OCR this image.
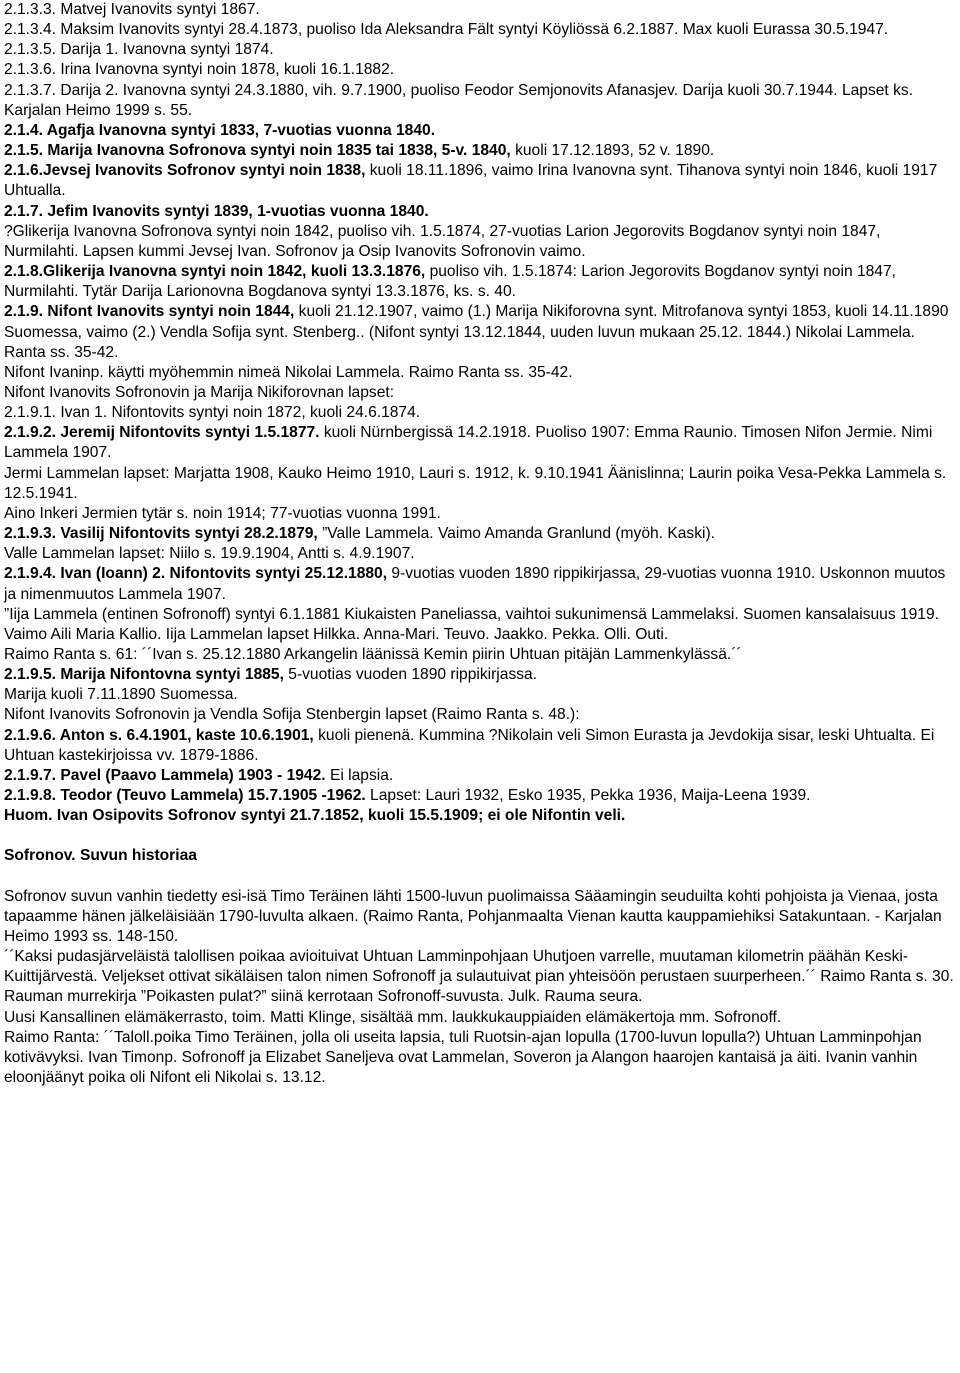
2.1.3.3. Matvej Ivanovits syntyi 1867.
2.1.3.4. Maksim Ivanovits syntyi 28.4.1873, puoliso Ida Aleksandra Fält syntyi Köyliössä 6.2.1887. Max kuoli Eurassa 30.5.1947.
2.1.3.5. Darija 1. Ivanovna syntyi 1874.
2.1.3.6. Irina Ivanovna syntyi noin 1878, kuoli 16.1.1882.
2.1.3.7. Darija 2. Ivanovna syntyi 24.3.1880, vih. 9.7.1900, puoliso Feodor Semjonovits Afanasjev. Darija kuoli 30.7.1944. Lapset ks. Karjalan Heimo 1999 s. 55.
2.1.4. Agafja Ivanovna syntyi 1833, 7-vuotias vuonna 1840.
2.1.5. Marija Ivanovna Sofronova syntyi noin 1835 tai 1838, 5-v. 1840, kuoli 17.12.1893, 52 v. 1890.
2.1.6.Jevsej Ivanovits Sofronov syntyi noin 1838, kuoli 18.11.1896, vaimo Irina Ivanovna synt. Tihanova syntyi noin 1846, kuoli 1917 Uhtualla.
2.1.7. Jefim Ivanovits syntyi 1839, 1-vuotias vuonna 1840.
?Glikerija Ivanovna Sofronova syntyi noin 1842, puoliso vih. 1.5.1874, 27-vuotias Larion Jegorovits Bogdanov syntyi noin 1847, Nurmilahti. Lapsen kummi Jevsej Ivan. Sofronov ja Osip Ivanovits Sofronovin vaimo.
2.1.8.Glikerija Ivanovna syntyi noin 1842, kuoli 13.3.1876, puoliso vih. 1.5.1874: Larion Jegorovits Bogdanov syntyi noin 1847, Nurmilahti. Tytär Darija Larionovna Bogdanova syntyi 13.3.1876, ks. s. 40.
2.1.9. Nifont Ivanovits syntyi noin 1844, kuoli 21.12.1907, vaimo (1.) Marija Nikiforovna synt. Mitrofanova syntyi 1853, kuoli 14.11.1890 Suomessa, vaimo (2.) Vendla Sofija synt. Stenberg.. (Nifont syntyi 13.12.1844, uuden luvun mukaan 25.12. 1844.) Nikolai Lammela. Ranta ss. 35-42.
Nifont Ivaninp. käytti myöhemmin nimeä Nikolai Lammela. Raimo Ranta ss. 35-42.
Nifont Ivanovits Sofronovin ja Marija Nikiforovnan lapset:
2.1.9.1. Ivan 1. Nifontovits syntyi noin 1872, kuoli 24.6.1874.
2.1.9.2. Jeremij Nifontovits syntyi 1.5.1877. kuoli Nürnbergissä 14.2.1918. Puoliso 1907: Emma Raunio. Timosen Nifon Jermie. Nimi Lammela 1907.
Jermi Lammelan lapset: Marjatta 1908, Kauko Heimo 1910, Lauri s. 1912, k. 9.10.1941 Äänislinna; Laurin poika Vesa-Pekka Lammela s. 12.5.1941.
Aino Inkeri Jermien tytär s. noin 1914; 77-vuotias vuonna 1991.
2.1.9.3. Vasilij Nifontovits syntyi 28.2.1879, ”Valle Lammela. Vaimo Amanda Granlund (myöh. Kaski).
Valle Lammelan lapset: Niilo s. 19.9.1904, Antti s. 4.9.1907.
2.1.9.4. Ivan (Ioann) 2. Nifontovits syntyi 25.12.1880, 9-vuotias vuoden 1890 rippikirjassa, 29-vuotias vuonna 1910. Uskonnon muutos ja nimenmuutos Lammela 1907.
”Iija Lammela (entinen Sofronoff) syntyi 6.1.1881 Kiukaisten Paneliassa, vaihtoi sukunimensä Lammelaksi. Suomen kansalaisuus 1919. Vaimo Aili Maria Kallio. Iija Lammelan lapset Hilkka. Anna-Mari. Teuvo. Jaakko. Pekka. Olli. Outi.
Raimo Ranta s. 61: ´´Ivan s. 25.12.1880 Arkangelin läänissä Kemin piirin Uhtuan pitäjän Lammenkylässä.´´
2.1.9.5. Marija Nifontovna syntyi 1885, 5-vuotias vuoden 1890 rippikirjassa.
Marija kuoli 7.11.1890 Suomessa.
Nifont Ivanovits Sofronovin ja Vendla Sofija Stenbergin lapset (Raimo Ranta s. 48.):
2.1.9.6. Anton s. 6.4.1901, kaste 10.6.1901, kuoli pienenä. Kummina ?Nikolain veli Simon Eurasta ja Jevdokija sisar, leski Uhtualta. Ei Uhtuan kastekirjoissa vv. 1879-1886.
2.1.9.7. Pavel (Paavo Lammela) 1903 - 1942. Ei lapsia.
2.1.9.8. Teodor (Teuvo Lammela) 15.7.1905 -1962. Lapset: Lauri 1932, Esko 1935, Pekka 1936, Maija-Leena 1939.
Huom. Ivan Osipovits Sofronov syntyi 21.7.1852, kuoli 15.5.1909; ei ole Nifontin veli.
Sofronov. Suvun historiaa
Sofronov suvun vanhin tiedetty esi-isä Timo Teräinen lähti 1500-luvun puolimaissa Sääamingin seuduilta kohti pohjoista ja Vienaa, josta tapaamme hänen jälkeläisiään 1790-luvulta alkaen. (Raimo Ranta, Pohjanmaalta Vienan kautta kauppamiehiksi Satakuntaan. - Karjalan Heimo 1993 ss. 148-150.
´´Kaksi pudasjärveläistä talollisen poikaa avioituivat Uhtuan Lamminpohjaan Uhutjoen varrelle, muutaman kilometrin päähän Keski-Kuittijärvestä. Veljekset ottivat sikäläisen talon nimen Sofronoff ja sulautuivat pian yhteisöön perustaen suurperheen.´´ Raimo Ranta s. 30.
Rauman murrekirja ”Poikasten pulat?” siinä kerrotaan Sofronoff-suvusta. Julk. Rauma seura.
Uusi Kansallinen elämäkerrasto, toim. Matti Klinge, sisältää mm. laukkukauppiaiden elämäkertoja mm. Sofronoff.
Raimo Ranta: ´´Taloll.poika Timo Teräinen, jolla oli useita lapsia, tuli Ruotsin-ajan lopulla (1700-luvun lopulla?) Uhtuan Lamminpohjan kotivävyksi. Ivan Timonp. Sofronoff ja Elizabet Saneljeva ovat Lammelan, Soveron ja Alangon haarojen kantaisä ja äiti. Ivanin vanhin eloonjäänyt poika oli Nifont eli Nikolai s. 13.12.
